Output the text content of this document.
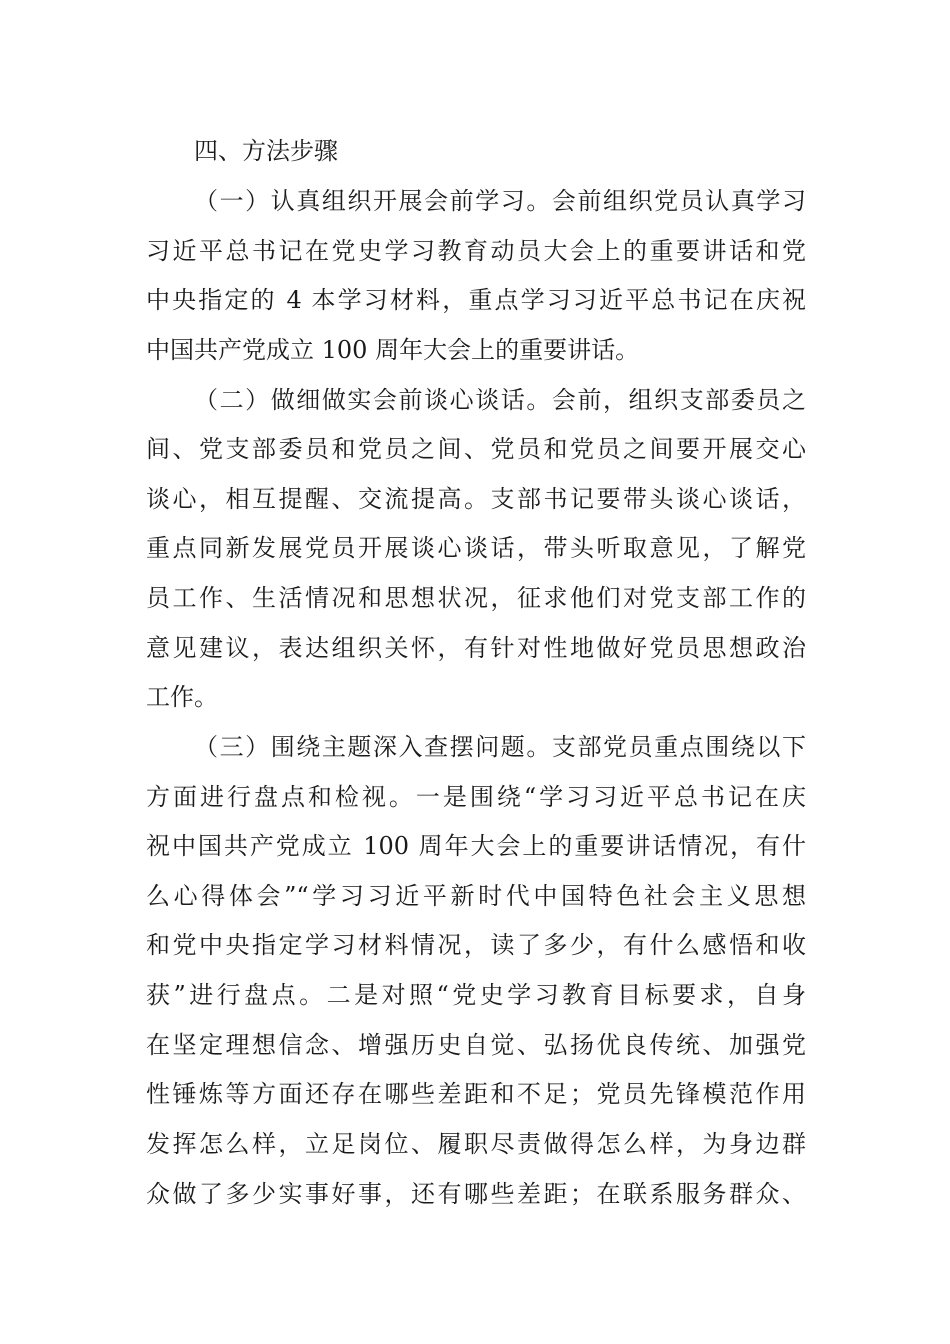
四、方法步骤
（一）认真组织开展会前学习。会前组织党员认真学习
习近平总书记在党史学习教育动员大会上的重要讲话和党
中央指定的 4 本学习材料，重点学习习近平总书记在庆祝
中国共产党成立 100 周年大会上的重要讲话。
（二）做细做实会前谈心谈话。会前，组织支部委员之
间、党支部委员和党员之间、党员和党员之间要开展交心
谈心，相互提醒、交流提高。支部书记要带头谈心谈话，
重点同新发展党员开展谈心谈话，带头听取意见，了解党
员工作、生活情况和思想状况，征求他们对党支部工作的
意见建议，表达组织关怀，有针对性地做好党员思想政治
工作。
（三）围绕主题深入查摆问题。支部党员重点围绕以下
方面进行盘点和检视。一是围绕“学习习近平总书记在庆
祝中国共产党成立 100 周年大会上的重要讲话情况，有什
么心得体会”“学习习近平新时代中国特色社会主义思想
和党中央指定学习材料情况，读了多少，有什么感悟和收
获”进行盘点。二是对照“党史学习教育目标要求，自身
在坚定理想信念、增强历史自觉、弘扬优良传统、加强党
性锤炼等方面还存在哪些差距和不足；党员先锋模范作用
发挥怎么样，立足岗位、履职尽责做得怎么样，为身边群
众做了多少实事好事，还有哪些差距；在联系服务群众、
